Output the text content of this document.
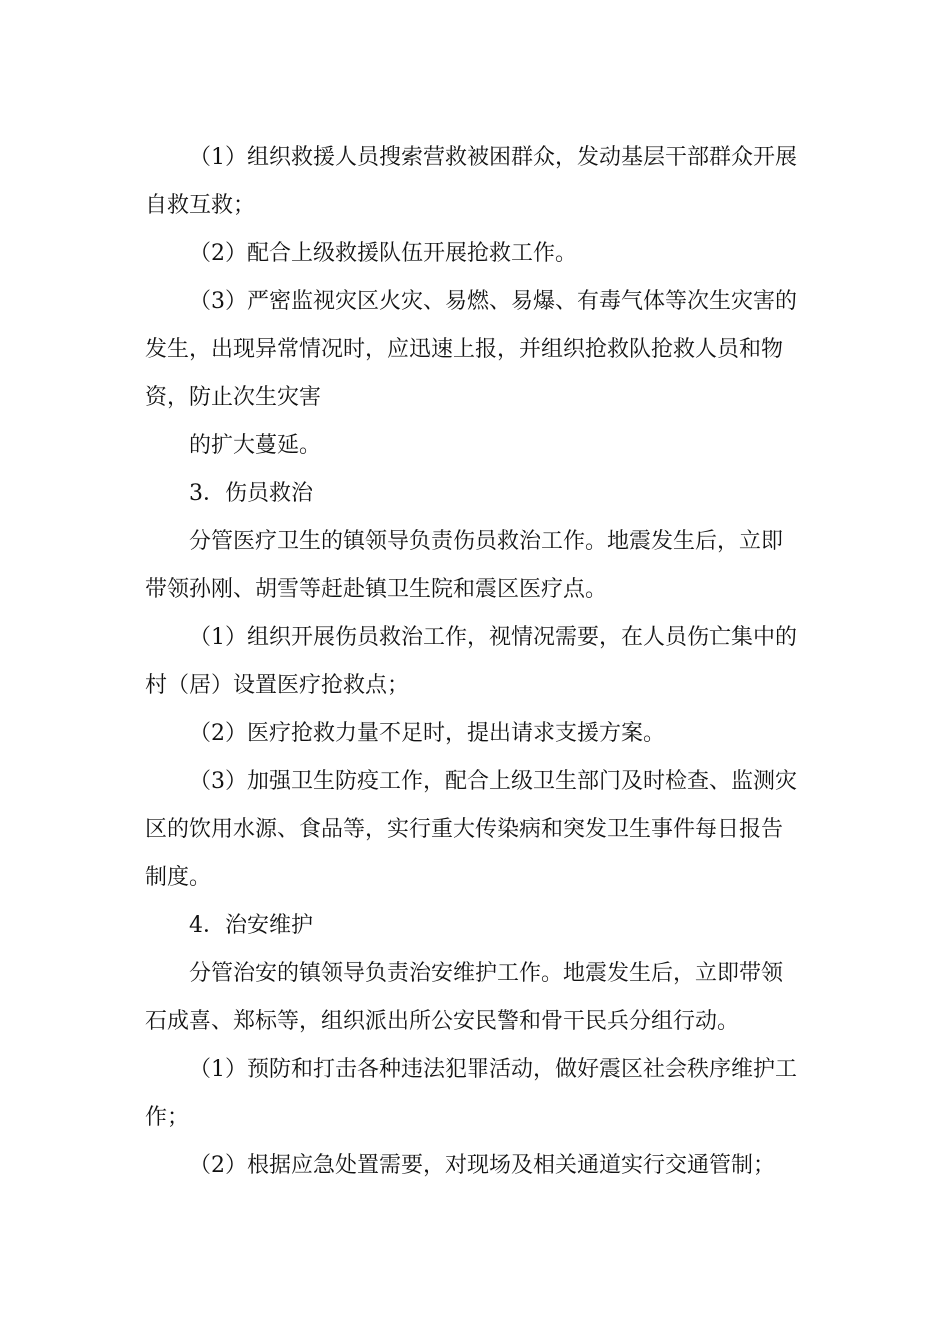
（1）组织救援人员搜索营救被困群众，发动基层干部群众开展

自救互救；

（2）配合上级救援队伍开展抢救工作。

（3）严密监视灾区火灾、易燃、易爆、有毒气体等次生灾害的

发生，出现异常情况时，应迅速上报，并组织抢救队抢救人员和物

资，防止次生灾害

的扩大蔓延。

3．伤员救治

分管医疗卫生的镇领导负责伤员救治工作。地震发生后，立即

带领孙刚、胡雪等赶赴镇卫生院和震区医疗点。

（1）组织开展伤员救治工作，视情况需要，在人员伤亡集中的

村（居）设置医疗抢救点；

（2）医疗抢救力量不足时，提出请求支援方案。

（3）加强卫生防疫工作，配合上级卫生部门及时检查、监测灾

区的饮用水源、食品等，实行重大传染病和突发卫生事件每日报告

制度。

4．治安维护

分管治安的镇领导负责治安维护工作。地震发生后，立即带领

石成喜、郑标等，组织派出所公安民警和骨干民兵分组行动。

（1）预防和打击各种违法犯罪活动，做好震区社会秩序维护工

作；

（2）根据应急处置需要，对现场及相关通道实行交通管制；
